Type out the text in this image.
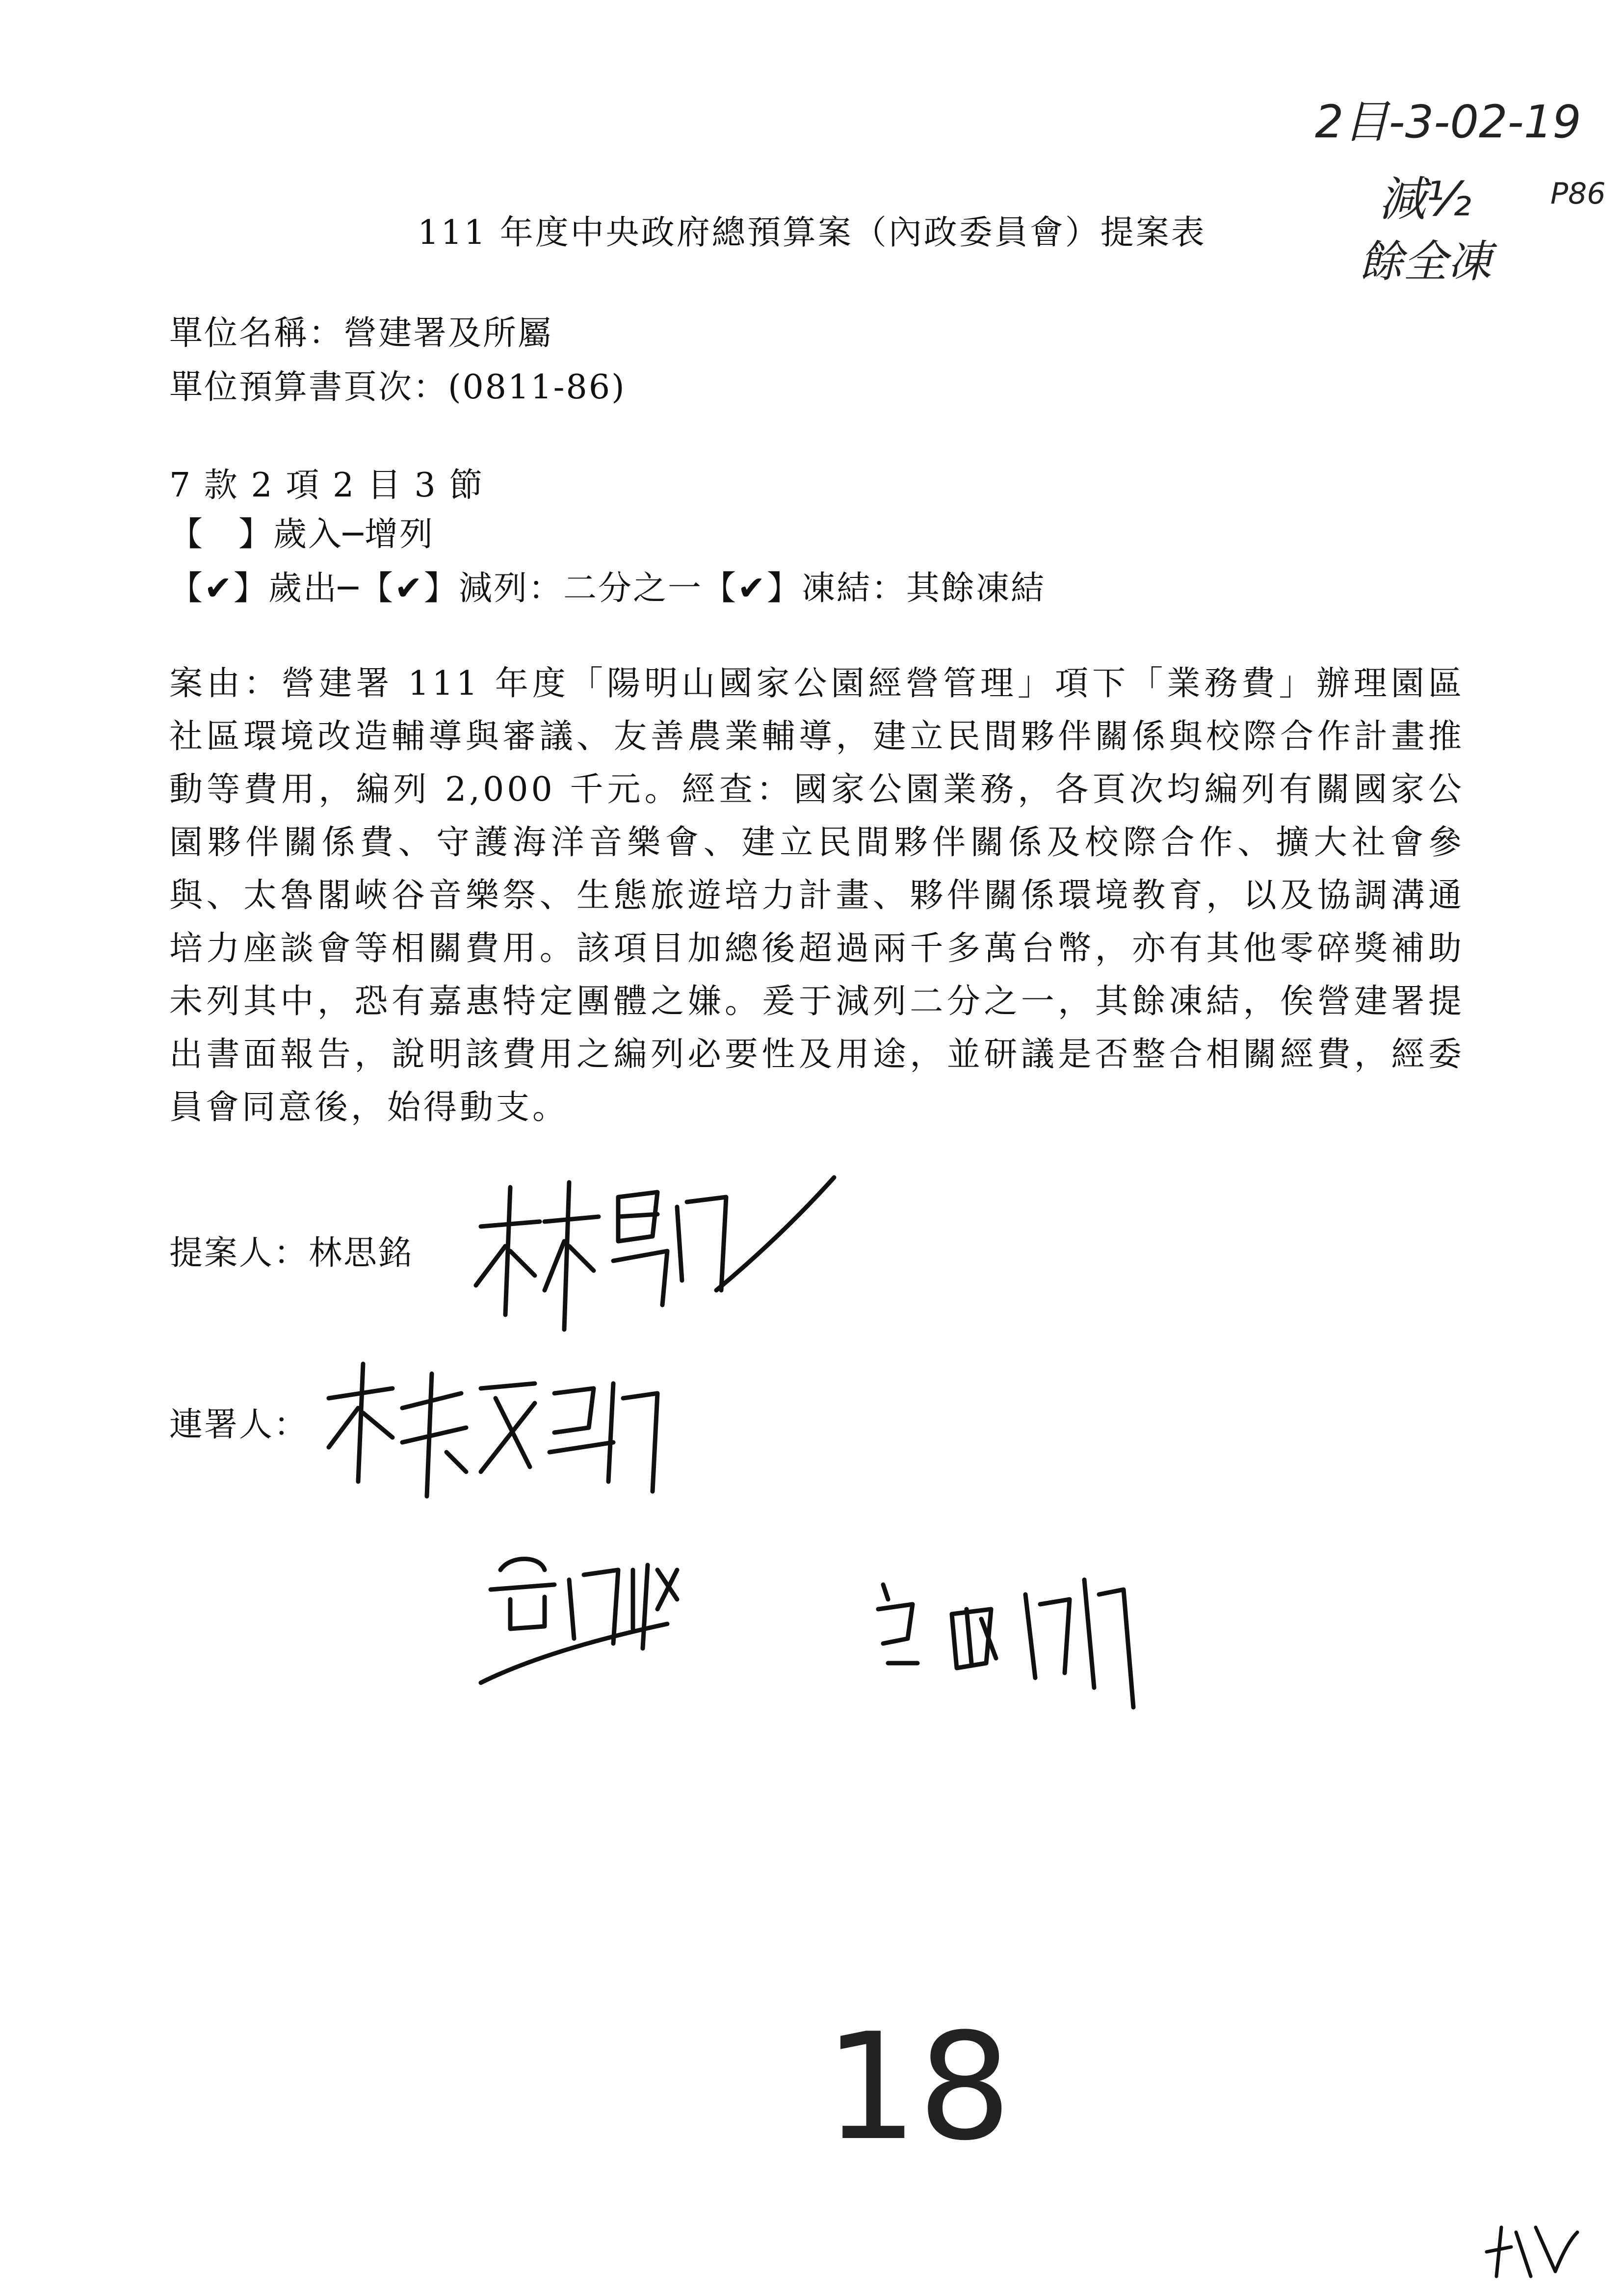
2目-3-02-19
減½	P86
餘全凍
111 年度中央政府總預算案（內政委員會）提案表
單位名稱：營建署及所屬
單位預算書頁次：(0811-86)
7 款 2 項 2 目 3 節
【 】歲入─增列
【✔】歲出─【✔】減列：二分之一【✔】凍結：其餘凍結

案由：營建署 111 年度「陽明山國家公園經營管理」項下「業務費」辦理園區社區環境改造輔導與審議、友善農業輔導，建立民間夥伴關係與校際合作計畫推動等費用，編列 2,000 千元。經查：國家公園業務，各頁次均編列有關國家公園夥伴關係費、守護海洋音樂會、建立民間夥伴關係及校際合作、擴大社會參與、太魯閣峽谷音樂祭、生態旅遊培力計畫、夥伴關係環境教育，以及協調溝通培力座談會等相關費用。該項目加總後超過兩千多萬台幣，亦有其他零碎獎補助未列其中，恐有嘉惠特定團體之嫌。爰于減列二分之一，其餘凍結，俟營建署提出書面報告，說明該費用之編列必要性及用途，並研議是否整合相關經費，經委員會同意後，始得動支。

提案人：林思銘
連署人：
18
